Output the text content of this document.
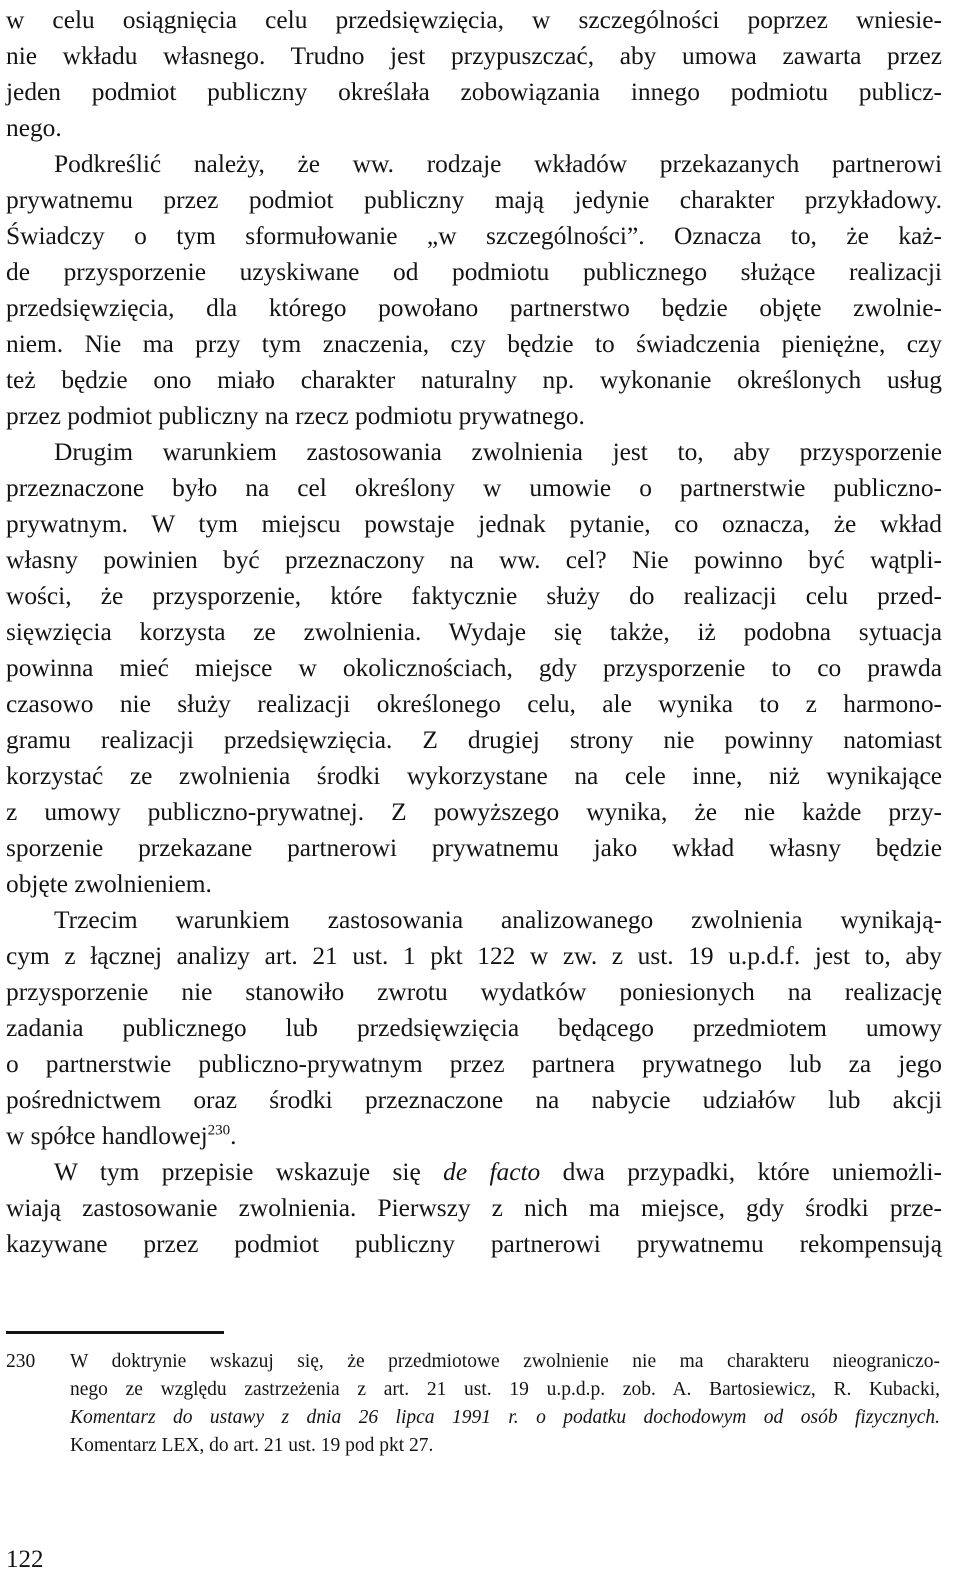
w celu osiągnięcia celu przedsięwzięcia, w szczególności poprzez wniesie-
nie wkładu własnego. Trudno jest przypuszczać, aby umowa zawarta przez
jeden podmiot publiczny określała zobowiązania innego podmiotu publicz-
nego.
Podkreślić należy, że ww. rodzaje wkładów przekazanych partnerowi
prywatnemu przez podmiot publiczny mają jedynie charakter przykładowy.
Świadczy o tym sformułowanie „w szczególności”. Oznacza to, że każ-
de przysporzenie uzyskiwane od podmiotu publicznego służące realizacji
przedsięwzięcia, dla którego powołano partnerstwo będzie objęte zwolnie-
niem. Nie ma przy tym znaczenia, czy będzie to świadczenia pieniężne, czy
też będzie ono miało charakter naturalny np. wykonanie określonych usług
przez podmiot publiczny na rzecz podmiotu prywatnego.
Drugim warunkiem zastosowania zwolnienia jest to, aby przysporzenie
przeznaczone było na cel określony w umowie o partnerstwie publiczno-
prywatnym. W tym miejscu powstaje jednak pytanie, co oznacza, że wkład
własny powinien być przeznaczony na ww. cel? Nie powinno być wątpli-
wości, że przysporzenie, które faktycznie służy do realizacji celu przed-
sięwzięcia korzysta ze zwolnienia. Wydaje się także, iż podobna sytuacja
powinna mieć miejsce w okolicznościach, gdy przysporzenie to co prawda
czasowo nie służy realizacji określonego celu, ale wynika to z harmono-
gramu realizacji przedsięwzięcia. Z drugiej strony nie powinny natomiast
korzystać ze zwolnienia środki wykorzystane na cele inne, niż wynikające
z umowy publiczno-prywatnej. Z powyższego wynika, że nie każde przy-
sporzenie przekazane partnerowi prywatnemu jako wkład własny będzie
objęte zwolnieniem.
Trzecim warunkiem zastosowania analizowanego zwolnienia wynikają-
cym z łącznej analizy art. 21 ust. 1 pkt 122 w zw. z ust. 19 u.p.d.f. jest to, aby
przysporzenie nie stanowiło zwrotu wydatków poniesionych na realizację
zadania publicznego lub przedsięwzięcia będącego przedmiotem umowy
o partnerstwie publiczno-prywatnym przez partnera prywatnego lub za jego
pośrednictwem oraz środki przeznaczone na nabycie udziałów lub akcji
w spółce handlowej$^{230}$.
W tym przepisie wskazuje się de facto dwa przypadki, które uniemożli-
wiają zastosowanie zwolnienia. Pierwszy z nich ma miejsce, gdy środki prze-
kazywane przez podmiot publiczny partnerowi prywatnemu rekompensują
230 W doktrynie wskazuj się, że przedmiotowe zwolnienie nie ma charakteru nieograniczo-
nego ze względu zastrzeżenia z art. 21 ust. 19 u.p.d.p. zob. A. Bartosiewicz, R. Kubacki,
Komentarz do ustawy z dnia 26 lipca 1991 r. o podatku dochodowym od osób fizycznych.
Komentarz LEX, do art. 21 ust. 19 pod pkt 27.
122
